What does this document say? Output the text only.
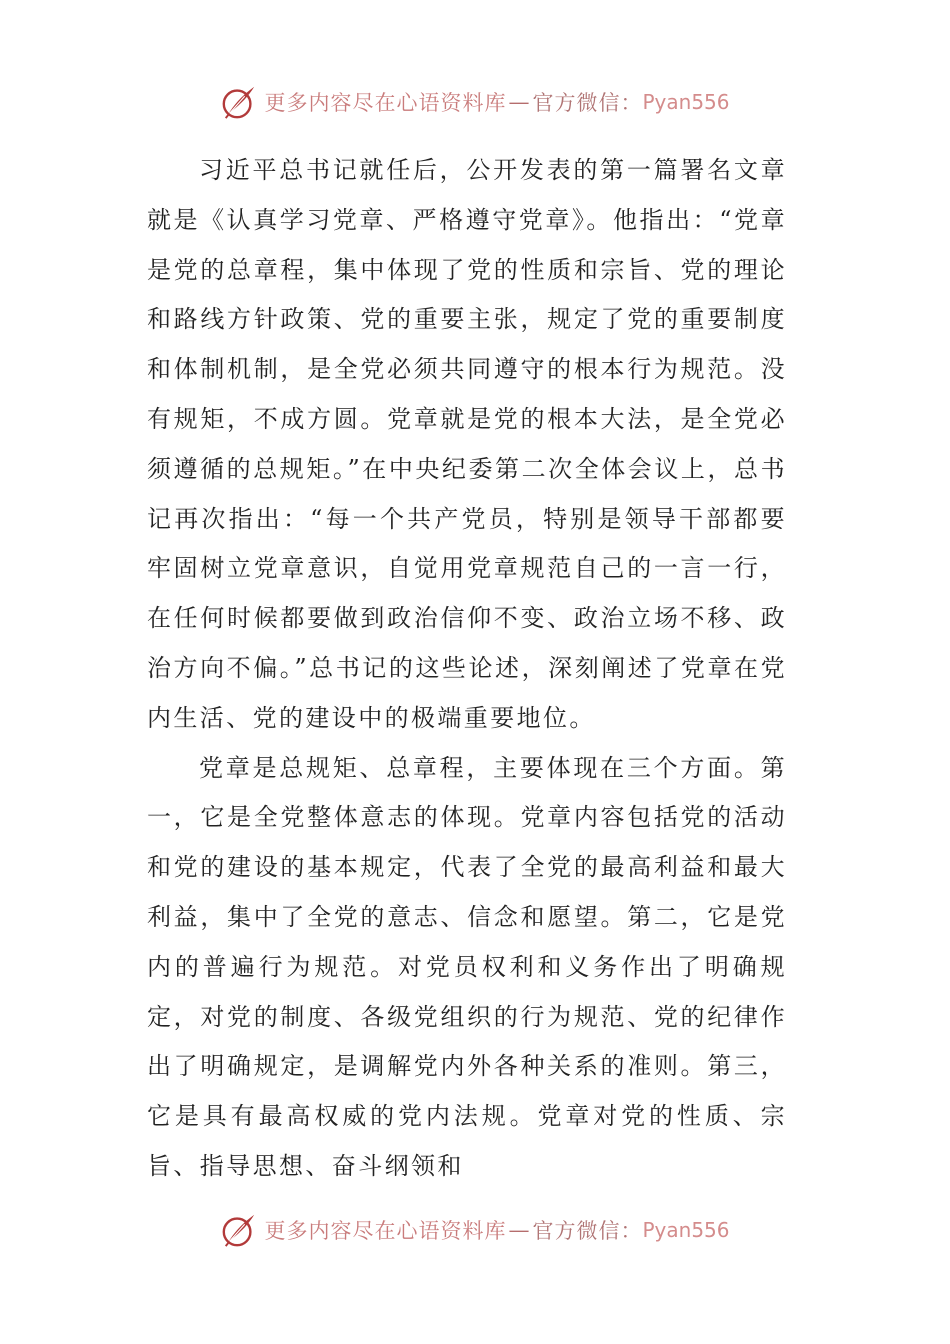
更多内容尽在心语资料库 — 官方微信： Pyan556

习近平总书记就任后，公开发表的第一篇署名文章就是《认真学习党章、严格遵守党章》。他指出：“党章是党的总章程，集中体现了党的性质和宗旨、党的理论和路线方针政策、党的重要主张，规定了党的重要制度和体制机制，是全党必须共同遵守的根本行为规范。没有规矩，不成方圆。党章就是党的根本大法，是全党必须遵循的总规矩。”在中央纪委第二次全体会议上，总书记再次指出：“每一个共产党员，特别是领导干部都要牢固树立党章意识，自觉用党章规范自己的一言一行，在任何时候都要做到政治信仰不变、政治立场不移、政治方向不偏。”总书记的这些论述，深刻阐述了党章在党内生活、党的建设中的极端重要地位。

党章是总规矩、总章程，主要体现在三个方面。第一，它是全党整体意志的体现。党章内容包括党的活动和党的建设的基本规定，代表了全党的最高利益和最大利益，集中了全党的意志、信念和愿望。第二，它是党内的普遍行为规范。对党员权利和义务作出了明确规定，对党的制度、各级党组织的行为规范、党的纪律作出了明确规定，是调解党内外各种关系的准则。第三，它是具有最高权威的党内法规。党章对党的性质、宗旨、指导思想、奋斗纲领和

更多内容尽在心语资料库 — 官方微信： Pyan556
